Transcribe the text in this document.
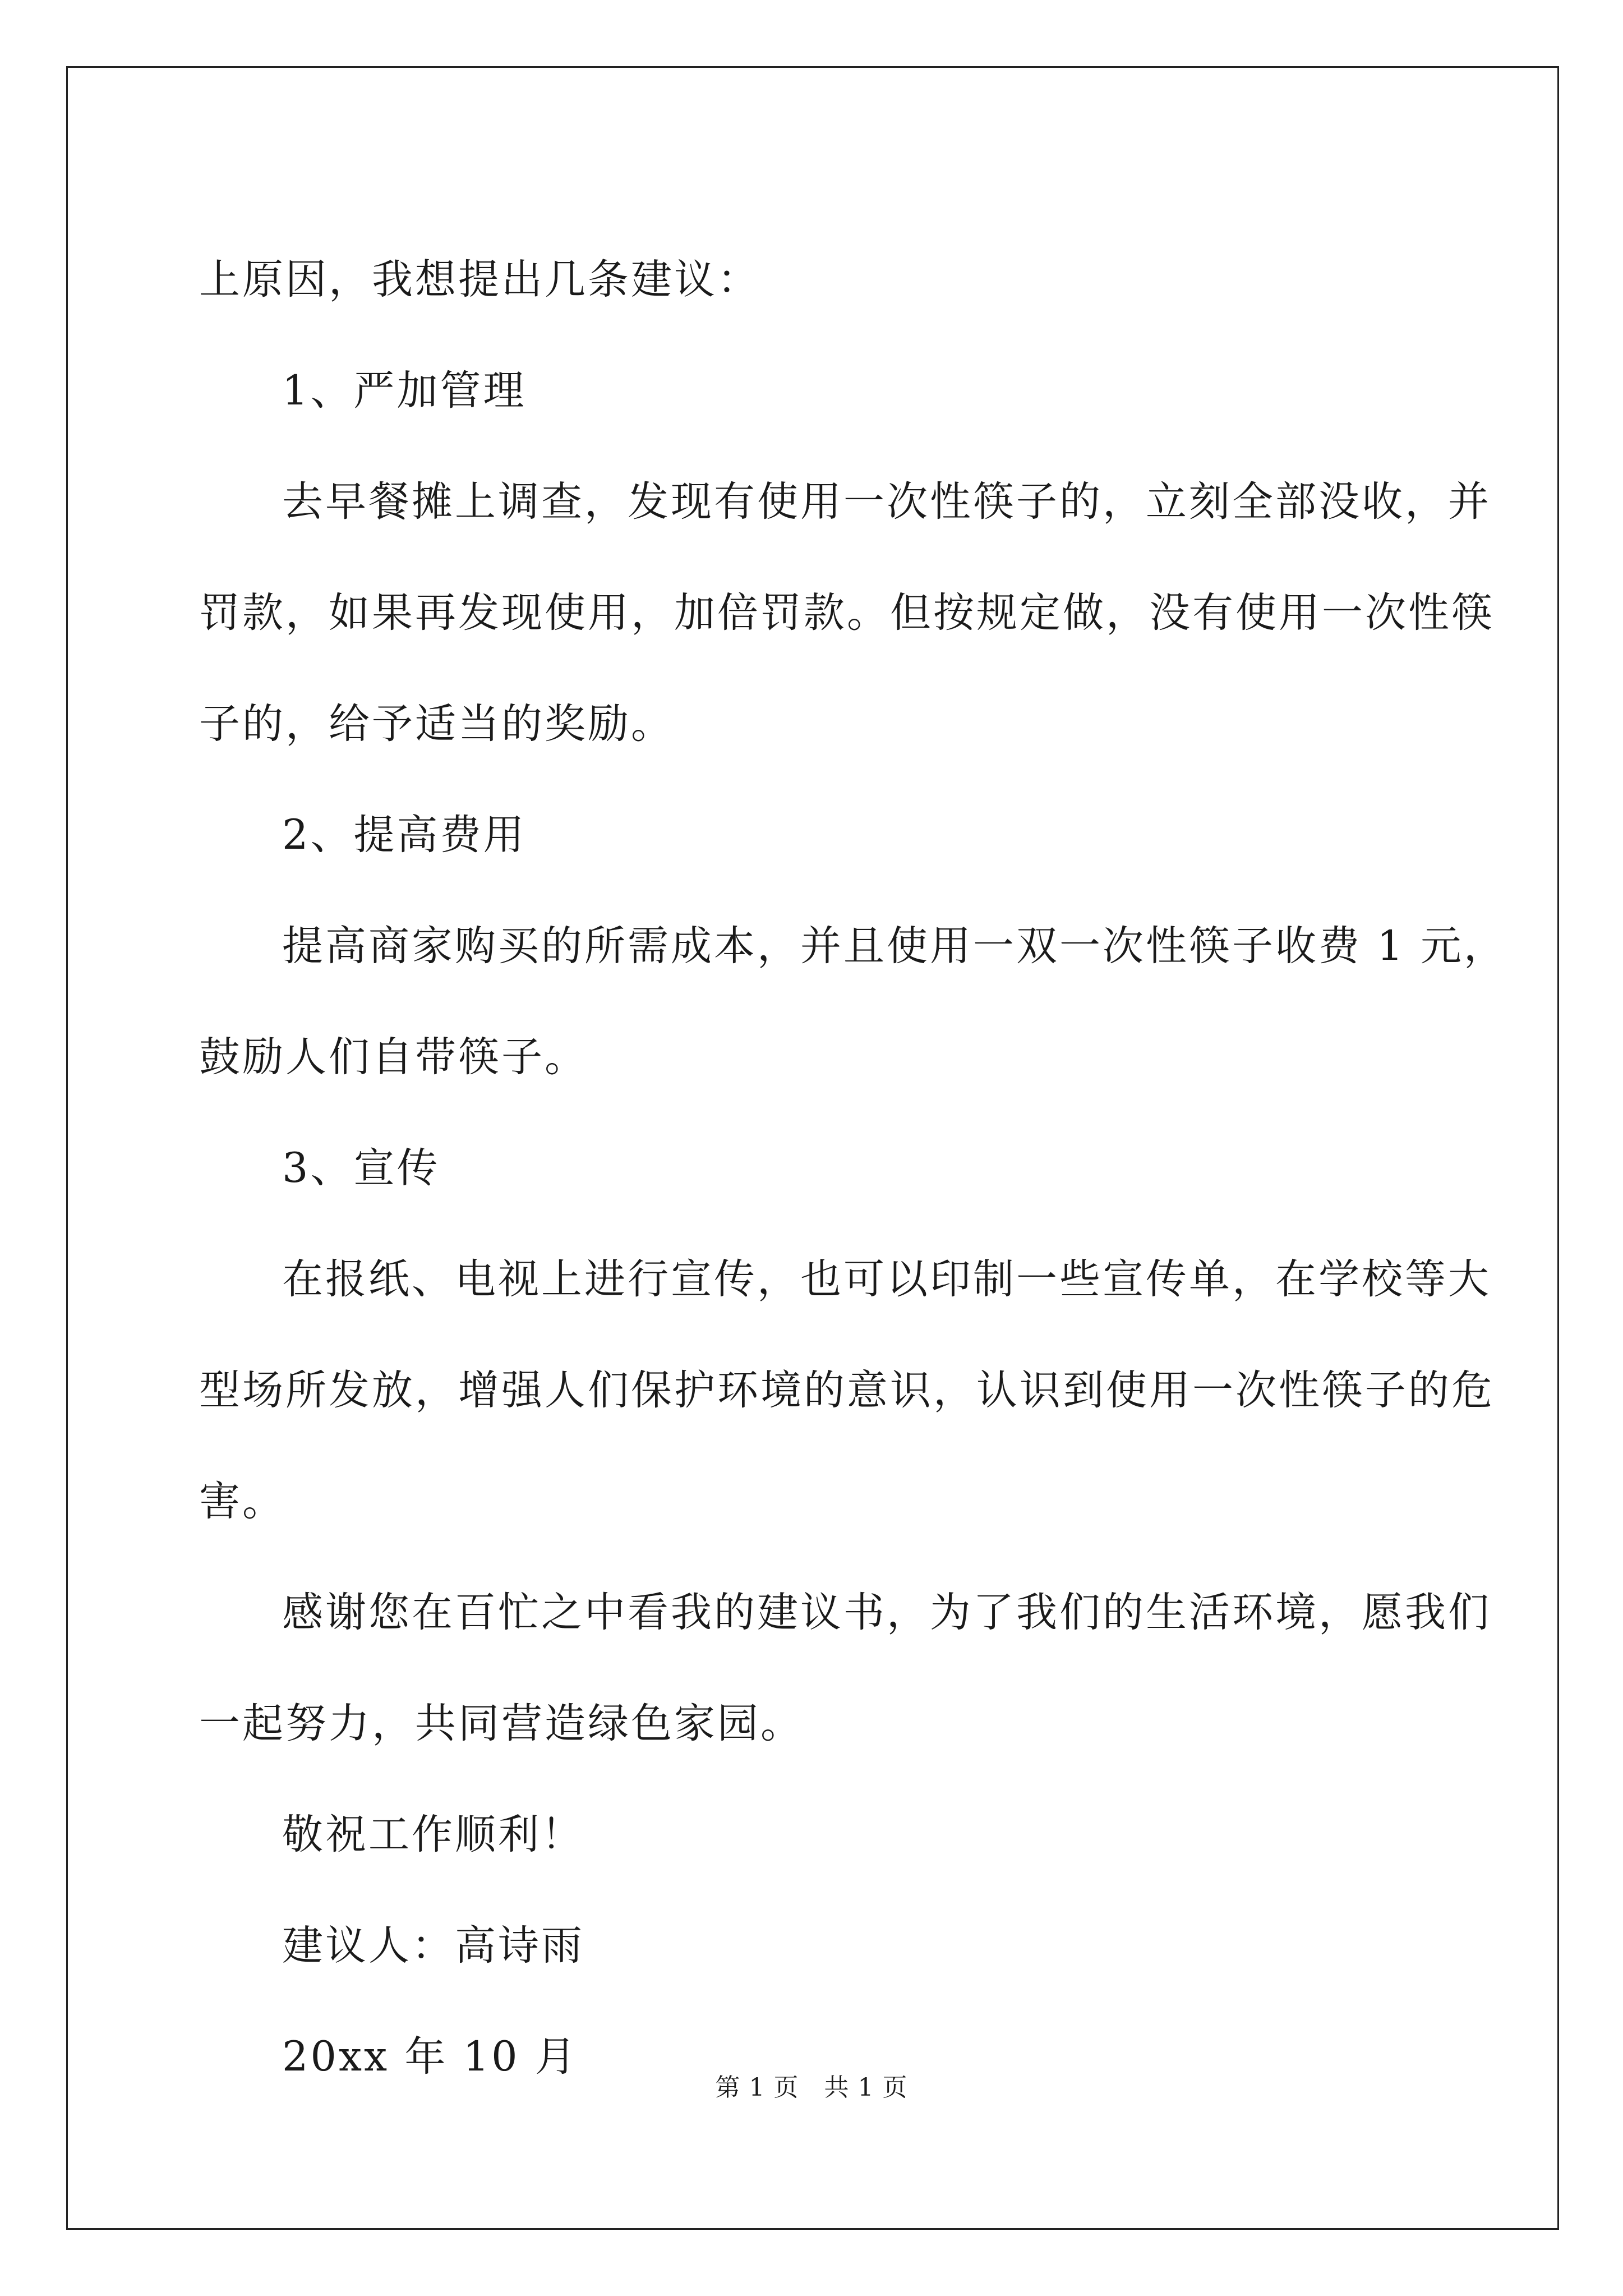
上原因，我想提出几条建议：

1、严加管理

去早餐摊上调查，发现有使用一次性筷子的，立刻全部没收，并

罚款，如果再发现使用，加倍罚款。但按规定做，没有使用一次性筷

子的，给予适当的奖励。

2、提高费用

提高商家购买的所需成本，并且使用一双一次性筷子收费 1 元，

鼓励人们自带筷子。

3、宣传

在报纸、电视上进行宣传，也可以印制一些宣传单，在学校等大

型场所发放，增强人们保护环境的意识，认识到使用一次性筷子的危

害。

感谢您在百忙之中看我的建议书，为了我们的生活环境，愿我们

一起努力，共同营造绿色家园。

敬祝工作顺利！

建议人：高诗雨

20xx 年 10 月

第 1 页　共 1 页
